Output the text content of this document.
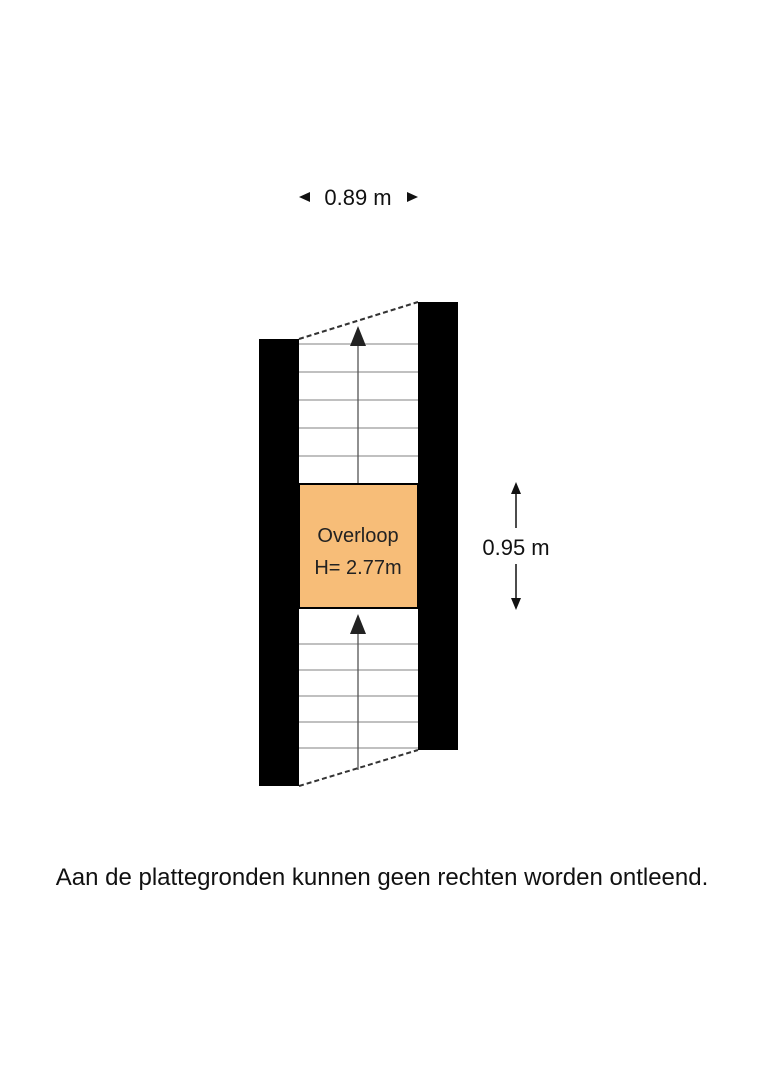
0.89 m
Overloop
H= 2.77m
0.95 m
Aan de plattegronden kunnen geen rechten worden ontleend.
